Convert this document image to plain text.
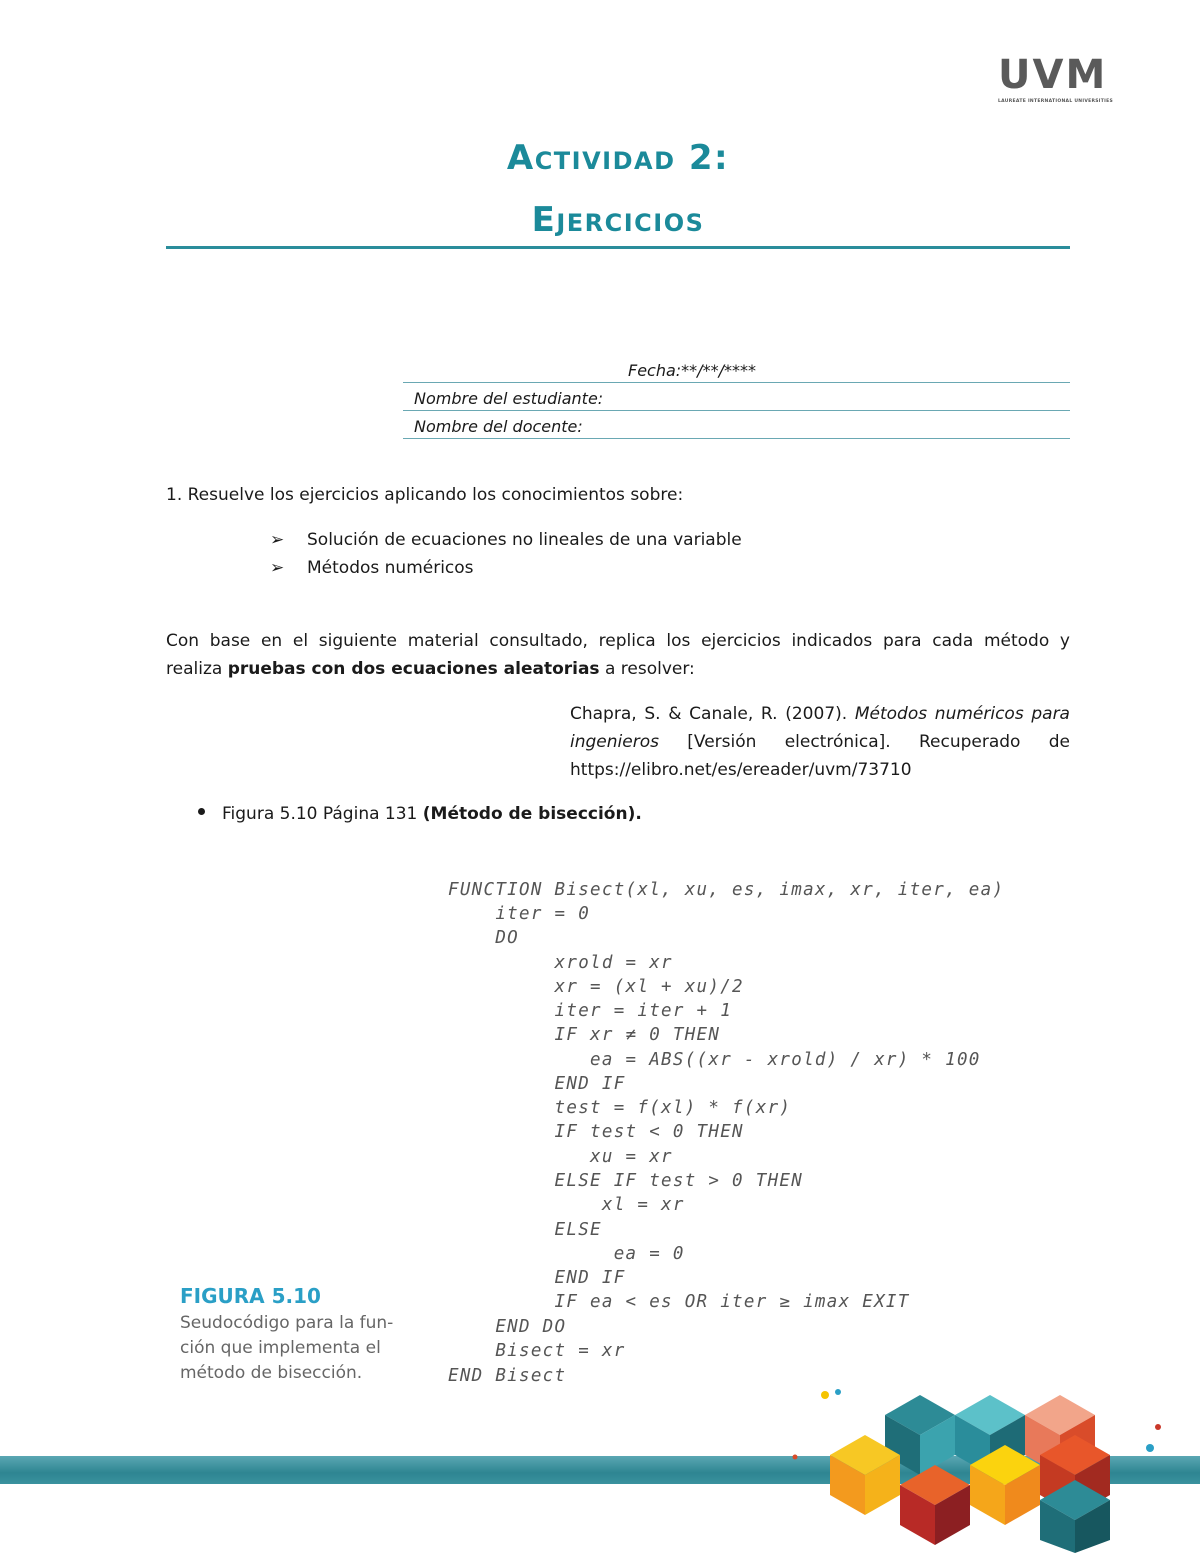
UVM
LAUREATE INTERNATIONAL UNIVERSITIES
Actividad 2:
Ejercicios
Fecha:**/**/****
Nombre del estudiante:
Nombre del docente:
1. Resuelve los ejercicios aplicando los conocimientos sobre:
➢ Solución de ecuaciones no lineales de una variable
➢ Métodos numéricos
Con base en el siguiente material consultado, replica los ejercicios indicados para cada método y
realiza pruebas con dos ecuaciones aleatorias a resolver:
Chapra, S. & Canale, R. (2007). Métodos numéricos para
ingenieros [Versión electrónica]. Recuperado de
https://elibro.net/es/ereader/uvm/73710
Figura 5.10 Página 131 (Método de bisección).
FUNCTION Bisect(xl, xu, es, imax, xr, iter, ea)
iter = 0
DO
xrold = xr
xr = (xl + xu)/2
iter = iter + 1
IF xr ≠ 0 THEN
ea = ABS((xr - xrold) / xr) * 100
END IF
test = f(xl) * f(xr)
IF test < 0 THEN
xu = xr
ELSE IF test > 0 THEN
xl = xr
ELSE
ea = 0
END IF
IF ea < es OR iter ≥ imax EXIT
END DO
Bisect = xr
END Bisect
FIGURA 5.10
Seudocódigo para la fun-ción que implementa el método de bisección.
